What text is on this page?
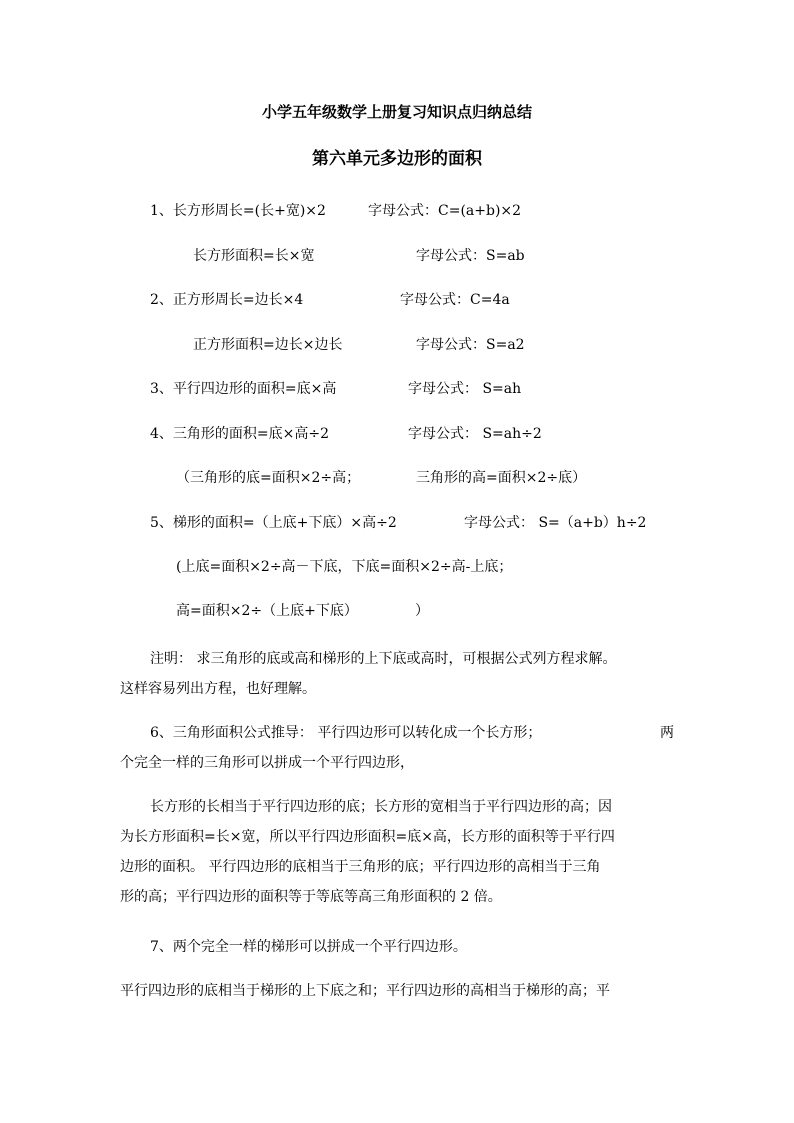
小学五年级数学上册复习知识点归纳总结
第六单元多边形的面积
1、长方形周长=(长+宽)×2	字母公式：C=(a+b)×2
长方形面积=长×宽	字母公式：S=ab
2、正方形周长=边长×4	字母公式：C=4a
正方形面积=边长×边长	字母公式：S=a2
3、平行四边形的面积=底×高	字母公式： S=ah
4、三角形的面积=底×高÷2	字母公式： S=ah÷2
（三角形的底=面积×2÷高；	三角形的高=面积×2÷底）
5、梯形的面积=（上底+下底）×高÷2	字母公式： S=（a+b）h÷2
(上底=面积×2÷高－下底，下底=面积×2÷高-上底；
高=面积×2÷（上底+下底）	）
注明： 求三角形的底或高和梯形的上下底或高时，可根据公式列方程求解。
这样容易列出方程，也好理解。
6、三角形面积公式推导： 平行四边形可以转化成一个长方形；	两
个完全一样的三角形可以拼成一个平行四边形，
长方形的长相当于平行四边形的底；长方形的宽相当于平行四边形的高；因
为长方形面积=长×宽，所以平行四边形面积=底×高，长方形的面积等于平行四
边形的面积。 平行四边形的底相当于三角形的底；平行四边形的高相当于三角
形的高；平行四边形的面积等于等底等高三角形面积的 2 倍。
7、两个完全一样的梯形可以拼成一个平行四边形。
平行四边形的底相当于梯形的上下底之和；平行四边形的高相当于梯形的高；平
